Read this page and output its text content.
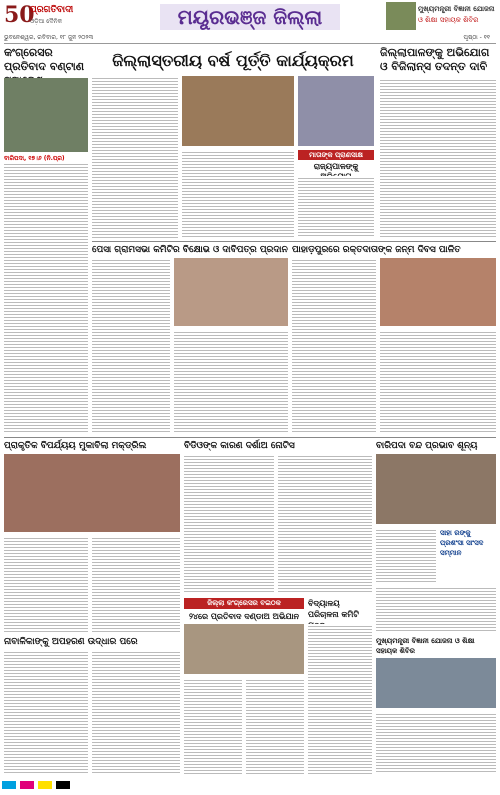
50
ପ୍ରଗତିବାଦୀ
ଓଡ଼ିଆ ଦୈନିକ	ମୟୂରଭଞ୍ଜ ଜିଲ୍ଲା	ମୁଖ୍ୟମନ୍ତ୍ରୀ ବିଜ୍ଞାନୀ ଯୋଜନା
ଓ ଶିକ୍ଷା ସହାୟକ ଶିବିର
ଭୁବନେଶ୍ୱର, ରବିବାର, ୧୮ ଜୁନ ୨୦୨୩	ପୃଷ୍ଠା - ୧୧
କଂଗ୍ରେସର ପ୍ରତିବାଦ ବଣ୍ଟାଣ
ବାରିପଦା, ୧୭।୬ (ନି.ପ୍ର)
ଜିଲ୍ଲାସ୍ତରୀୟ ବର୍ଷ ପୂର୍ତ୍ତି କାର୍ଯ୍ୟକ୍ରମ
ମାତାଙ୍କ ପ୍ରାଣସାକ୍ଷ
ରାଜ୍ୟପାଳଙ୍କୁ
ଜିଲ୍ଲାପାଳଙ୍କୁ ଅଭିଯୋଗ ଓ ବିଜିଲାନ୍ସ ତଦନ୍ତ ଦାବି
ପେସା ଗ୍ରାମସଭା କମିଟିର ବିକ୍ଷୋଭ ଓ ଦାବିପତ୍ର ପ୍ରଦାନ ପାହାଡ଼ପୁରରେ ରକ୍ତଦାତାଙ୍କ ଜନ୍ମ ଦିବସ ପାଳିତ
ପ୍ରାକୃତିକ ବିପର୍ଯ୍ୟୟ ମୁକାବିଲା ମକ୍‌ଡ୍ରିଲ	ବିଡିଓଙ୍କ କାରଣ ଦର୍ଶାଅ ନୋଟିସ	ବାରିପଦା ବନ୍ଦ ପ୍ରଭାବ ଶୂନ୍ୟ
ସାହା ରଙ୍କୁ ପ୍ରଶଂସା ସାଂସଦ ସମ୍ମାନ
ଜିଲ୍ଲା କଂଗ୍ରେସର ବଇଠକ
୨୪ରେ ପ୍ରତିବାଦ ଦଣ୍ଡାଅ ଅଭିଯାନ
ବିଦ୍ୟାଳୟ ପରିଚାଳନା କମିଟି
ନାବାଳିକାଙ୍କୁ ଅପହରଣ ଉଦ୍ଧାର ପରେ	ମୁଖ୍ୟମନ୍ତ୍ରୀ ବିଜ୍ଞାନୀ ଯୋଜନା ଓ ଶିକ୍ଷା ସହାୟକ ଶିବିର
